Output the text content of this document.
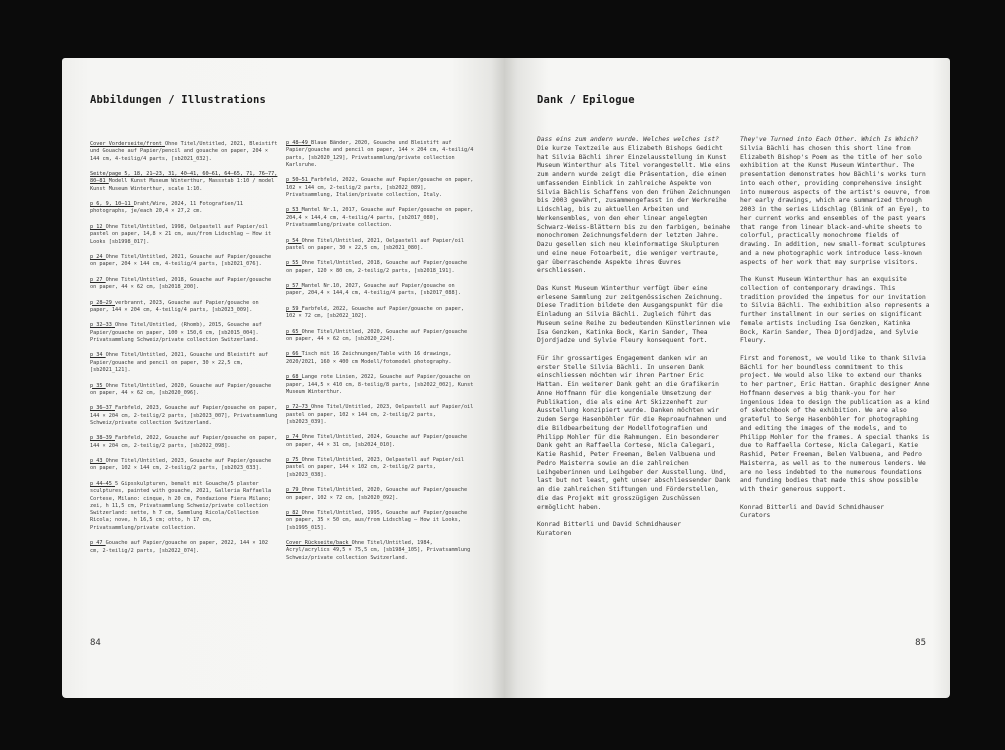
Abbildungen / Illustrations
Cover Vorderseite/front Ohne Titel/Untitled, 2021, Bleistift und Gouache auf Papier/pencil and gouache on paper, 204 × 144 cm, 4-teilig/4 parts, [sb2021_032].
Seite/page 5, 18, 21–23, 31, 40–41, 60–61, 64–65, 71, 76–77, 80–81 Modell Kunst Museum Winterthur, Massstab 1:10 / model Kunst Museum Winterthur, scale 1:10.
p 6, 9, 10–11 Draht/Wire, 2024, 11 Fotografien/11 photographs, je/each 20,4 × 27,2 cm.
p 12 Ohne Titel/Untitled, 1998, Oelpastell auf Papier/oil pastel on paper, 14,8 × 21 cm, aus/from Lidschlag – How it Looks [sb1998_017].
p 24 Ohne Titel/Untitled, 2021, Gouache auf Papier/gouache on paper, 204 × 144 cm, 4-teilig/4 parts, [sb2021_076].
p 27 Ohne Titel/Untitled, 2018, Gouache auf Papier/gouache on paper, 44 × 62 cm, [sb2018_200].
p 28–29 verbrannt, 2023, Gouache auf Papier/gouache on paper, 144 × 204 cm, 4-teilig/4 parts, [sb2023_009].
p 32–33 Ohne Titel/Untitled, (Rhomb), 2015, Gouache auf Papier/gouache on paper, 100 × 150,6 cm, [sb2015_004]. Privatsammlung Schweiz/private collection Switzerland.
p 34 Ohne Titel/Untitled, 2021, Gouache und Bleistift auf Papier/gouache and pencil on paper, 30 × 22,5 cm, [sb2021_121].
p 35 Ohne Titel/Untitled, 2020, Gouache auf Papier/gouache on paper, 44 × 62 cm, [sb2020_096].
p 36–37 Farbfeld, 2023, Gouache auf Papier/gouache on paper, 144 × 204 cm, 2-teilig/2 parts, [sb2023_007], Privatsammlung Schweiz/private collection Switzerland.
p 38–39 Farbfeld, 2022, Gouache auf Papier/gouache on paper, 144 × 204 cm, 2-teilig/2 parts, [sb2022_098].
p 43 Ohne Titel/Untitled, 2023, Gouache auf Papier/gouache on paper, 102 × 144 cm, 2-teilig/2 parts, [sb2023_033].
p 44–45 5 Gipsskulpturen, bemalt mit Gouache/5 plaster sculptures, painted with gouache, 2021, Galleria Raffaella Cortese, Milano: cinque, h 20 cm, Fondazione Fiera Milano; zei, h 11,5 cm, Privatsammlung Schweiz/private collection Switzerland: sette, h 7 cm, Sammlung Ricola/Collection Ricola; nove, h 16,5 cm; otto, h 17 cm, Privatsammlung/private collection.
p 47 Gouache auf Papier/gouache on paper, 2022, 144 × 102 cm, 2-teilig/2 parts, [sb2022_074].
p 48–49 Blaue Bänder, 2020, Gouache und Bleistift auf Papier/gouache and pencil on paper, 144 × 204 cm, 4-teilig/4 parts, [sb2020_129], Privatsammlung/private collection Karlsruhe.
p 50–51 Farbfeld, 2022, Gouache auf Papier/gouache on paper, 102 × 144 cm, 2-teilig/2 parts, [sb2022_089], Privatsammlung, Italien/private collection, Italy.
p 53 Mantel Nr.1, 2017, Gouache auf Papier/gouache on paper, 204,4 × 144,4 cm, 4-teilig/4 parts, [sb2017_080], Privatsammlung/private collection.
p 54 Ohne Titel/Untitled, 2021, Oelpastell auf Papier/oil pastel on paper, 30 × 22,5 cm, [sb2021_080].
p 55 Ohne Titel/Untitled, 2018, Gouache auf Papier/gouache on paper, 120 × 80 cm, 2-teilig/2 parts, [sb2018_191].
p 57 Mantel Nr.10, 2027, Gouache auf Papier/gouache on paper, 204,4 × 144,4 cm, 4-teilig/4 parts, [sb2017_088].
p 59 Farbfeld, 2022, Gouache auf Papier/gouache on paper, 102 × 72 cm, [sb2022_102].
p 65 Ohne Titel/Untitled, 2020, Gouache auf Papier/gouache on paper, 44 × 62 cm, [sb2020_224].
p 66 Tisch mit 16 Zeichnungen/Table with 16 drawings, 2020/2021, 160 × 400 cm Modell/fotomodel photography.
p 68 Lange rote Linien, 2022, Gouache auf Papier/gouache on paper, 144,5 × 410 cm, 8-teilig/8 parts, [sb2022_002], Kunst Museum Winterthur.
p 72–73 Ohne Titel/Untitled, 2023, Oelpastell auf Papier/oil pastel on paper, 102 × 144 cm, 2-teilig/2 parts, [sb2023_039].
p 74 Ohne Titel/Untitled, 2024, Gouache auf Papier/gouache on paper, 44 × 31 cm, [sb2024_010].
p 75 Ohne Titel/Untitled, 2023, Oelpastell auf Papier/oil pastel on paper, 144 × 102 cm, 2-teilig/2 parts, [sb2023_038].
p 79 Ohne Titel/Untitled, 2020, Gouache auf Papier/gouache on paper, 102 × 72 cm, [sb2020_092].
p 82 Ohne Titel/Untitled, 1995, Gouache auf Papier/gouache on paper, 35 × 50 cm, aus/from Lidschlag – How it Looks, [sb1995_015].
Cover Rückseite/back Ohne Titel/Untitled, 1984, Acryl/acrylics 49,5 × 75,5 cm, [sb1984_105], Privatsammlung Schweiz/private collection Switzerland.
84
Dank / Epilogue

Dass eins zum andern wurde. Welches welches ist?

Die kurze Textzeile aus Elizabeth Bishops Gedicht hat Silvia Bächli ihrer Einzelausstellung im Kunst Museum Winterthur als Titel vorangestellt. Wie eins zum andern wurde zeigt die Präsentation, die einen umfassenden Einblick in zahlreiche Aspekte von Silvia Bächlis Schaffens von den frühen Zeichnungen bis 2003 gewährt, zusammengefasst in der Werkreihe Lidschlag, bis zu aktuellen Arbeiten und Werkensembles, von den eher linear angelegten Schwarz-Weiss-Blättern bis zu den farbigen, beinahe monochromen Zeichnungsfeldern der letzten Jahre. Dazu gesellen sich neu kleinformatige Skulpturen und eine neue Fotoarbeit, die weniger vertraute, gar überraschende Aspekte ihres Œuvres erschliessen.

Das Kunst Museum Winterthur verfügt über eine erlesene Sammlung zur zeitgenössischen Zeichnung. Diese Tradition bildete den Ausgangspunkt für die Einladung an Silvia Bächli. Zugleich führt das Museum seine Reihe zu bedeutenden Künstlerinnen wie Isa Genzken, Katinka Bock, Karin Sander, Thea Djordjadze und Sylvie Fleury konsequent fort.

Für ihr grossartiges Engagement danken wir an erster Stelle Silvia Bächli. In unseren Dank einschliessen möchten wir ihren Partner Eric Hattan. Ein weiterer Dank geht an die Grafikerin Anne Hoffmann für die kongeniale Umsetzung der Publikation, die als eine Art Skizzenheft zur Ausstellung konzipiert wurde. Danken möchten wir zudem Serge Hasenböhler für die Reproaufnahmen und die Bildbearbeitung der Modellfotografien und Philipp Mohler für die Rahmungen. Ein besonderer Dank geht an Raffaella Cortese, Nicla Calegari, Katie Rashid, Peter Freeman, Belen Valbuena und Pedro Maisterra sowie an die zahlreichen Leihgeberinnen und Leihgeber der Ausstellung. Und, last but not least, geht unser abschliessender Dank an die zahlreichen Stiftungen und Förderstellen, die das Projekt mit grosszügigen Zuschüssen ermöglicht haben.

Konrad Bitterli und David Schmidhauser
Kuratoren

They've Turned into Each Other. Which Is Which?

Silvia Bächli has chosen this short line from Elizabeth Bishop's Poem as the title of her solo exhibition at the Kunst Museum Winterthur. The presentation demonstrates how Bächli's works turn into each other, providing comprehensive insight into numerous aspects of the artist's oeuvre, from her early drawings, which are summarized through 2003 in the series Lidschlag (Blink of an Eye), to her current works and ensembles of the past years that range from linear black-and-white sheets to colorful, practically monochrome fields of drawing. In addition, new small-format sculptures and a new photographic work introduce less-known aspects of her work that may surprise visitors.

The Kunst Museum Winterthur has an exquisite collection of contemporary drawings. This tradition provided the impetus for our invitation to Silvia Bächli. The exhibition also represents a further installment in our series on significant female artists including Isa Genzken, Katinka Bock, Karin Sander, Thea Djordjadze, and Sylvie Fleury.

First and foremost, we would like to thank Silvia Bächli for her boundless commitment to this project. We would also like to extend our thanks to her partner, Eric Hattan. Graphic designer Anne Hoffmann deserves a big thank-you for her ingenious idea to design the publication as a kind of sketchbook of the exhibition. We are also grateful to Serge Hasenböhler for photographing and editing the images of the models, and to Philipp Mohler for the frames. A special thanks is due to Raffaella Cortese, Nicla Calegari, Katie Rashid, Peter Freeman, Belen Valbuena, and Pedro Maisterra, as well as to the numerous lenders. We are no less indebted to the numerous foundations and funding bodies that made this show possible with their generous support.

Konrad Bitterli and David Schmidhauser
Curators
85
